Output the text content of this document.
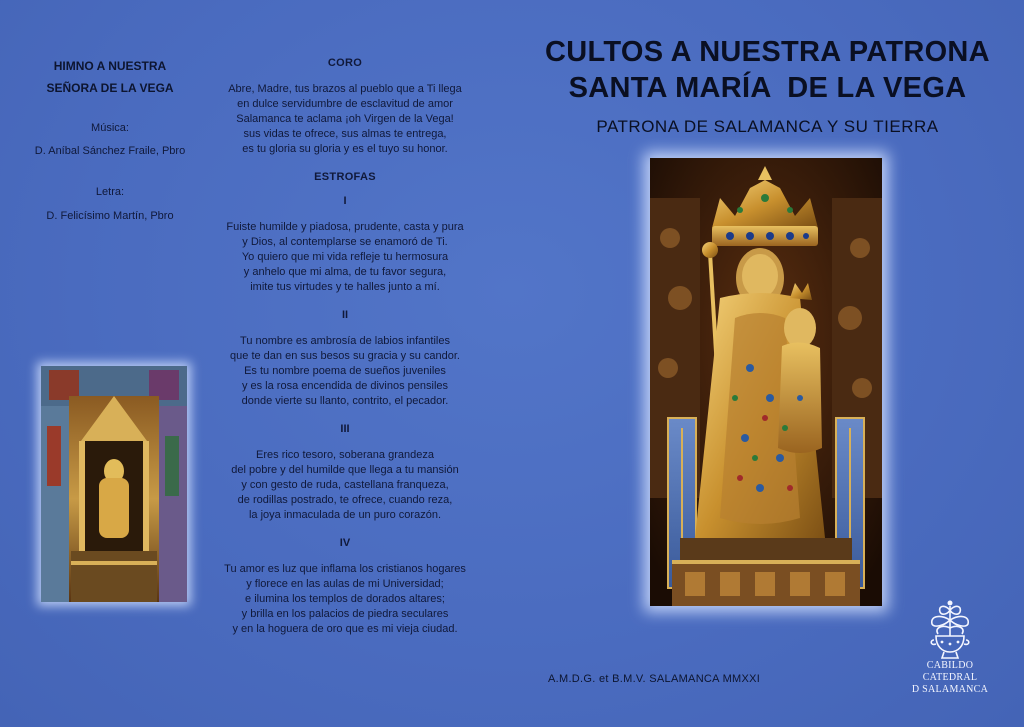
HIMNO A NUESTRA
SEÑORA DE LA VEGA
Música:
D. Aníbal Sánchez Fraile, Pbro
Letra:
D. Felicísimo Martín, Pbro
CORO
Abre, Madre, tus brazos al pueblo que a Ti llega
en dulce servidumbre de esclavitud de amor
Salamanca te aclama ¡oh Virgen de la Vega!
sus vidas te ofrece, sus almas te entrega,
es tu gloria su gloria y es el tuyo su honor.
ESTROFAS
I
Fuiste humilde y piadosa, prudente, casta y pura
y Dios, al contemplarse se enamoró de Ti.
Yo quiero que mi vida refleje tu hermosura
y anhelo que mi alma, de tu favor segura,
imite tus virtudes y te halles junto a mí.
II
Tu nombre es ambrosía de labios infantiles
que te dan en sus besos su gracia y su candor.
Es tu nombre poema de sueños juveniles
y es la rosa encendida de divinos pensiles
donde vierte su llanto, contrito, el pecador.
III
Eres rico tesoro, soberana grandeza
del pobre y del humilde que llega a tu mansión
y con gesto de ruda, castellana franqueza,
de rodillas postrado, te ofrece, cuando reza,
la joya inmaculada de un puro corazón.
IV
Tu amor es luz que inflama los cristianos hogares
y florece en las aulas de mi Universidad;
e ilumina los templos de dorados altares;
y brilla en los palacios de piedra seculares
y en la hoguera de oro que es mi vieja ciudad.
CULTOS A NUESTRA PATRONA
SANTA MARÍA  DE LA VEGA
PATRONA DE SALAMANCA Y SU TIERRA
A.M.D.G. et B.M.V. SALAMANCA MMXXI
CABILDO CATEDRAL
D SALAMANCA
